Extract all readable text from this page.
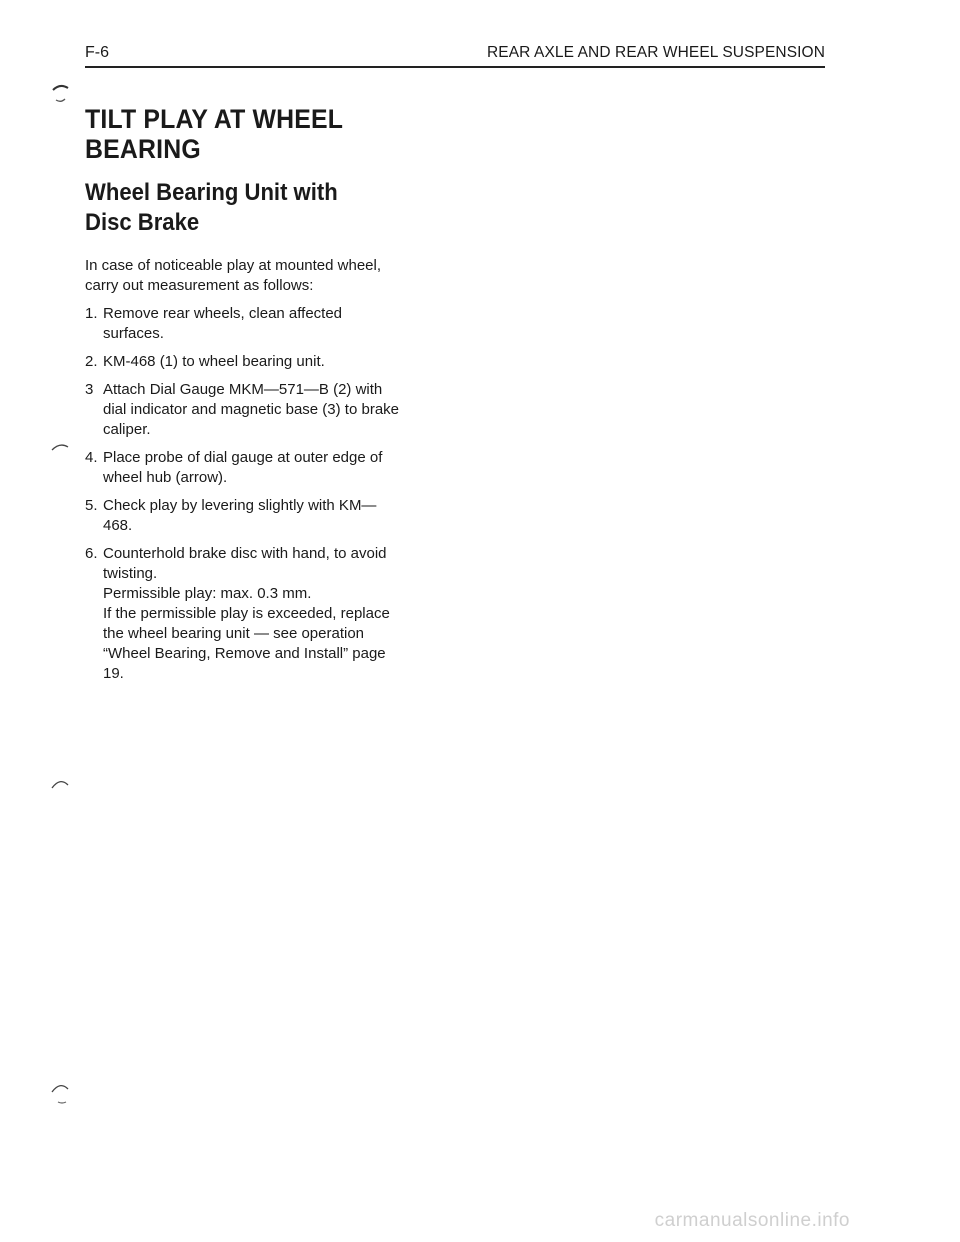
F-6	REAR AXLE AND REAR WHEEL SUSPENSION
TILT PLAY AT WHEEL BEARING
Wheel Bearing Unit with Disc Brake

In case of noticeable play at mounted wheel, carry out measurement as follows:

1. Remove rear wheels, clean affected surfaces.
2. KM-468 (1) to wheel bearing unit.
3 Attach Dial Gauge MKM—571—B (2) with dial indicator and magnetic base (3) to brake caliper.
4. Place probe of dial gauge at outer edge of wheel hub (arrow).
5. Check play by levering slightly with KM—468.
6. Counterhold brake disc with hand, to avoid twisting.
Permissible play: max. 0.3 mm.
If the permissible play is exceeded, replace the wheel bearing unit — see operation “Wheel Bearing, Remove and Install” page 19.
carmanualsonline.info
